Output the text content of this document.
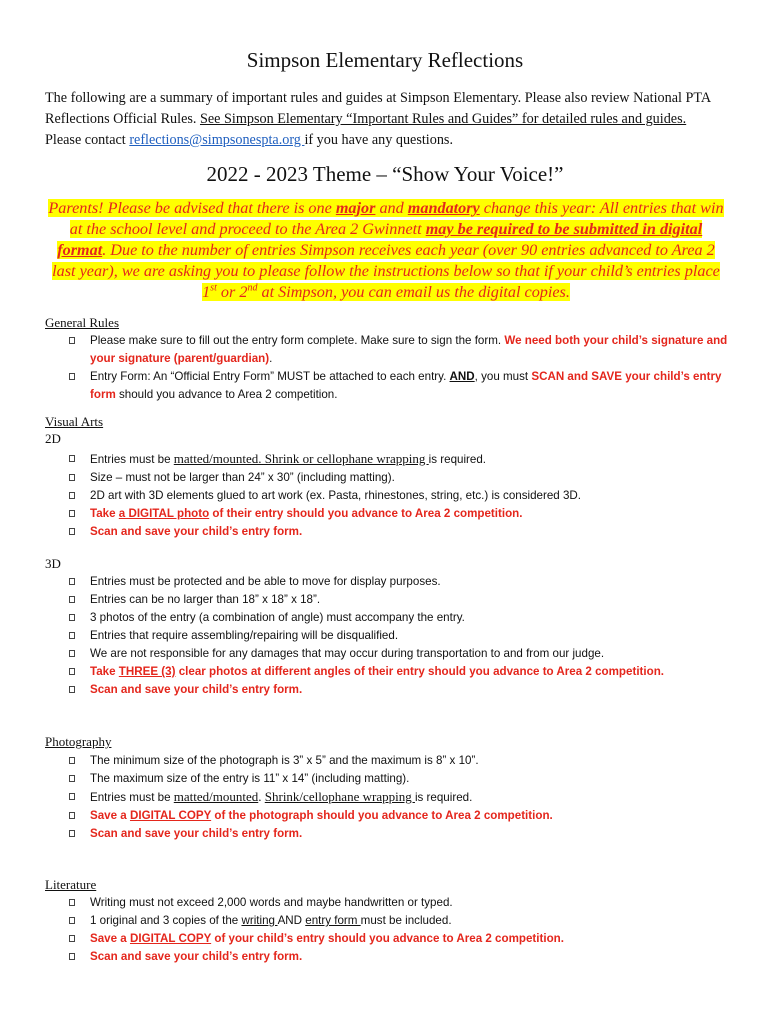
Simpson Elementary Reflections
The following are a summary of important rules and guides at Simpson Elementary. Please also review National PTA Reflections Official Rules. See Simpson Elementary “Important Rules and Guides” for detailed rules and guides. Please contact reflections@simpsonespta.org if you have any questions.
2022 - 2023 Theme – “Show Your Voice!”
Parents! Please be advised that there is one major and mandatory change this year: All entries that win at the school level and proceed to the Area 2 Gwinnett may be required to be submitted in digital format. Due to the number of entries Simpson receives each year (over 90 entries advanced to Area 2 last year), we are asking you to please follow the instructions below so that if your child’s entries place 1st or 2nd at Simpson, you can email us the digital copies.
General Rules
Please make sure to fill out the entry form complete. Make sure to sign the form. We need both your child’s signature and your signature (parent/guardian).
Entry Form: An “Official Entry Form” MUST be attached to each entry. AND, you must SCAN and SAVE your child’s entry form should you advance to Area 2 competition.
Visual Arts
2D
Entries must be matted/mounted. Shrink or cellophane wrapping is required.
Size – must not be larger than 24” x 30” (including matting).
2D art with 3D elements glued to art work (ex. Pasta, rhinestones, string, etc.) is considered 3D.
Take a DIGITAL photo of their entry should you advance to Area 2 competition.
Scan and save your child’s entry form.
3D
Entries must be protected and be able to move for display purposes.
Entries can be no larger than 18” x 18” x 18”.
3 photos of the entry (a combination of angle) must accompany the entry.
Entries that require assembling/repairing will be disqualified.
We are not responsible for any damages that may occur during transportation to and from our judge.
Take THREE (3) clear photos at different angles of their entry should you advance to Area 2 competition.
Scan and save your child’s entry form.
Photography
The minimum size of the photograph is 3” x 5” and the maximum is 8” x 10”.
The maximum size of the entry is 11” x 14” (including matting).
Entries must be matted/mounted. Shrink/cellophane wrapping is required.
Save a DIGITAL COPY of the photograph should you advance to Area 2 competition.
Scan and save your child’s entry form.
Literature
Writing must not exceed 2,000 words and maybe handwritten or typed.
1 original and 3 copies of the writing AND entry form must be included.
Save a DIGITAL COPY of your child’s entry should you advance to Area 2 competition.
Scan and save your child’s entry form.
